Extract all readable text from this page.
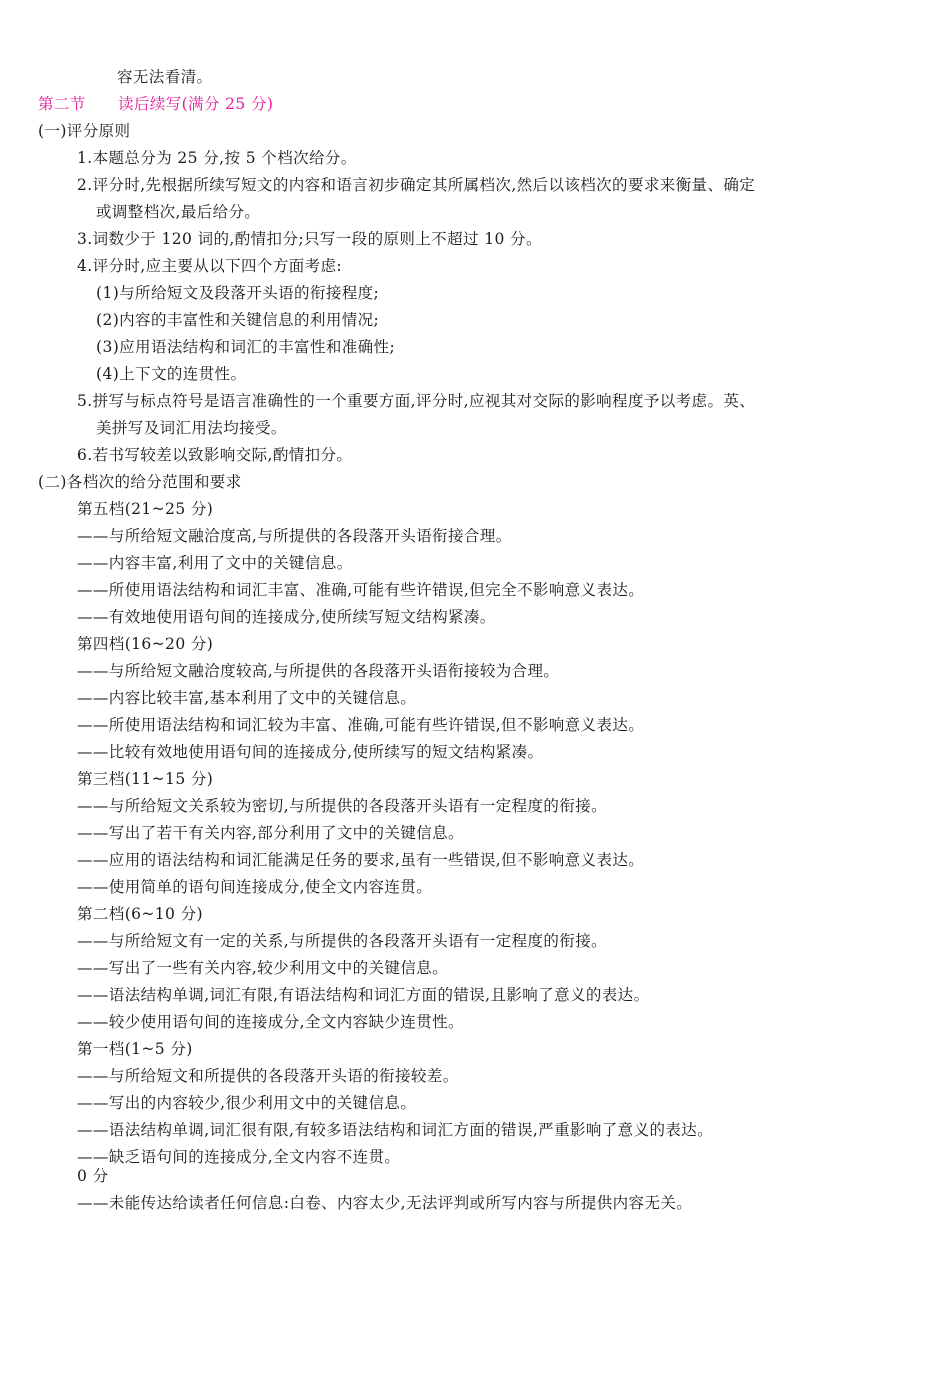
容无法看清。
第二节 读后续写(满分 25 分)
(一)评分原则
1.本题总分为 25 分,按 5 个档次给分。
2.评分时,先根据所续写短文的内容和语言初步确定其所属档次,然后以该档次的要求来衡量、确定
或调整档次,最后给分。
3.词数少于 120 词的,酌情扣分;只写一段的原则上不超过 10 分。
4.评分时,应主要从以下四个方面考虑:
(1)与所给短文及段落开头语的衔接程度;
(2)内容的丰富性和关键信息的利用情况;
(3)应用语法结构和词汇的丰富性和准确性;
(4)上下文的连贯性。
5.拼写与标点符号是语言准确性的一个重要方面,评分时,应视其对交际的影响程度予以考虑。英、
美拼写及词汇用法均接受。
6.若书写较差以致影响交际,酌情扣分。
(二)各档次的给分范围和要求
第五档(21~25 分)
——与所给短文融洽度高,与所提供的各段落开头语衔接合理。
——内容丰富,利用了文中的关键信息。
——所使用语法结构和词汇丰富、准确,可能有些许错误,但完全不影响意义表达。
——有效地使用语句间的连接成分,使所续写短文结构紧凑。
第四档(16~20 分)
——与所给短文融洽度较高,与所提供的各段落开头语衔接较为合理。
——内容比较丰富,基本利用了文中的关键信息。
——所使用语法结构和词汇较为丰富、准确,可能有些许错误,但不影响意义表达。
——比较有效地使用语句间的连接成分,使所续写的短文结构紧凑。
第三档(11~15 分)
——与所给短文关系较为密切,与所提供的各段落开头语有一定程度的衔接。
——写出了若干有关内容,部分利用了文中的关键信息。
——应用的语法结构和词汇能满足任务的要求,虽有一些错误,但不影响意义表达。
——使用简单的语句间连接成分,使全文内容连贯。
第二档(6~10 分)
——与所给短文有一定的关系,与所提供的各段落开头语有一定程度的衔接。
——写出了一些有关内容,较少利用文中的关键信息。
——语法结构单调,词汇有限,有语法结构和词汇方面的错误,且影响了意义的表达。
——较少使用语句间的连接成分,全文内容缺少连贯性。
第一档(1~5 分)
——与所给短文和所提供的各段落开头语的衔接较差。
——写出的内容较少,很少利用文中的关键信息。
——语法结构单调,词汇很有限,有较多语法结构和词汇方面的错误,严重影响了意义的表达。
——缺乏语句间的连接成分,全文内容不连贯。
0 分
——未能传达给读者任何信息:白卷、内容太少,无法评判或所写内容与所提供内容无关。
